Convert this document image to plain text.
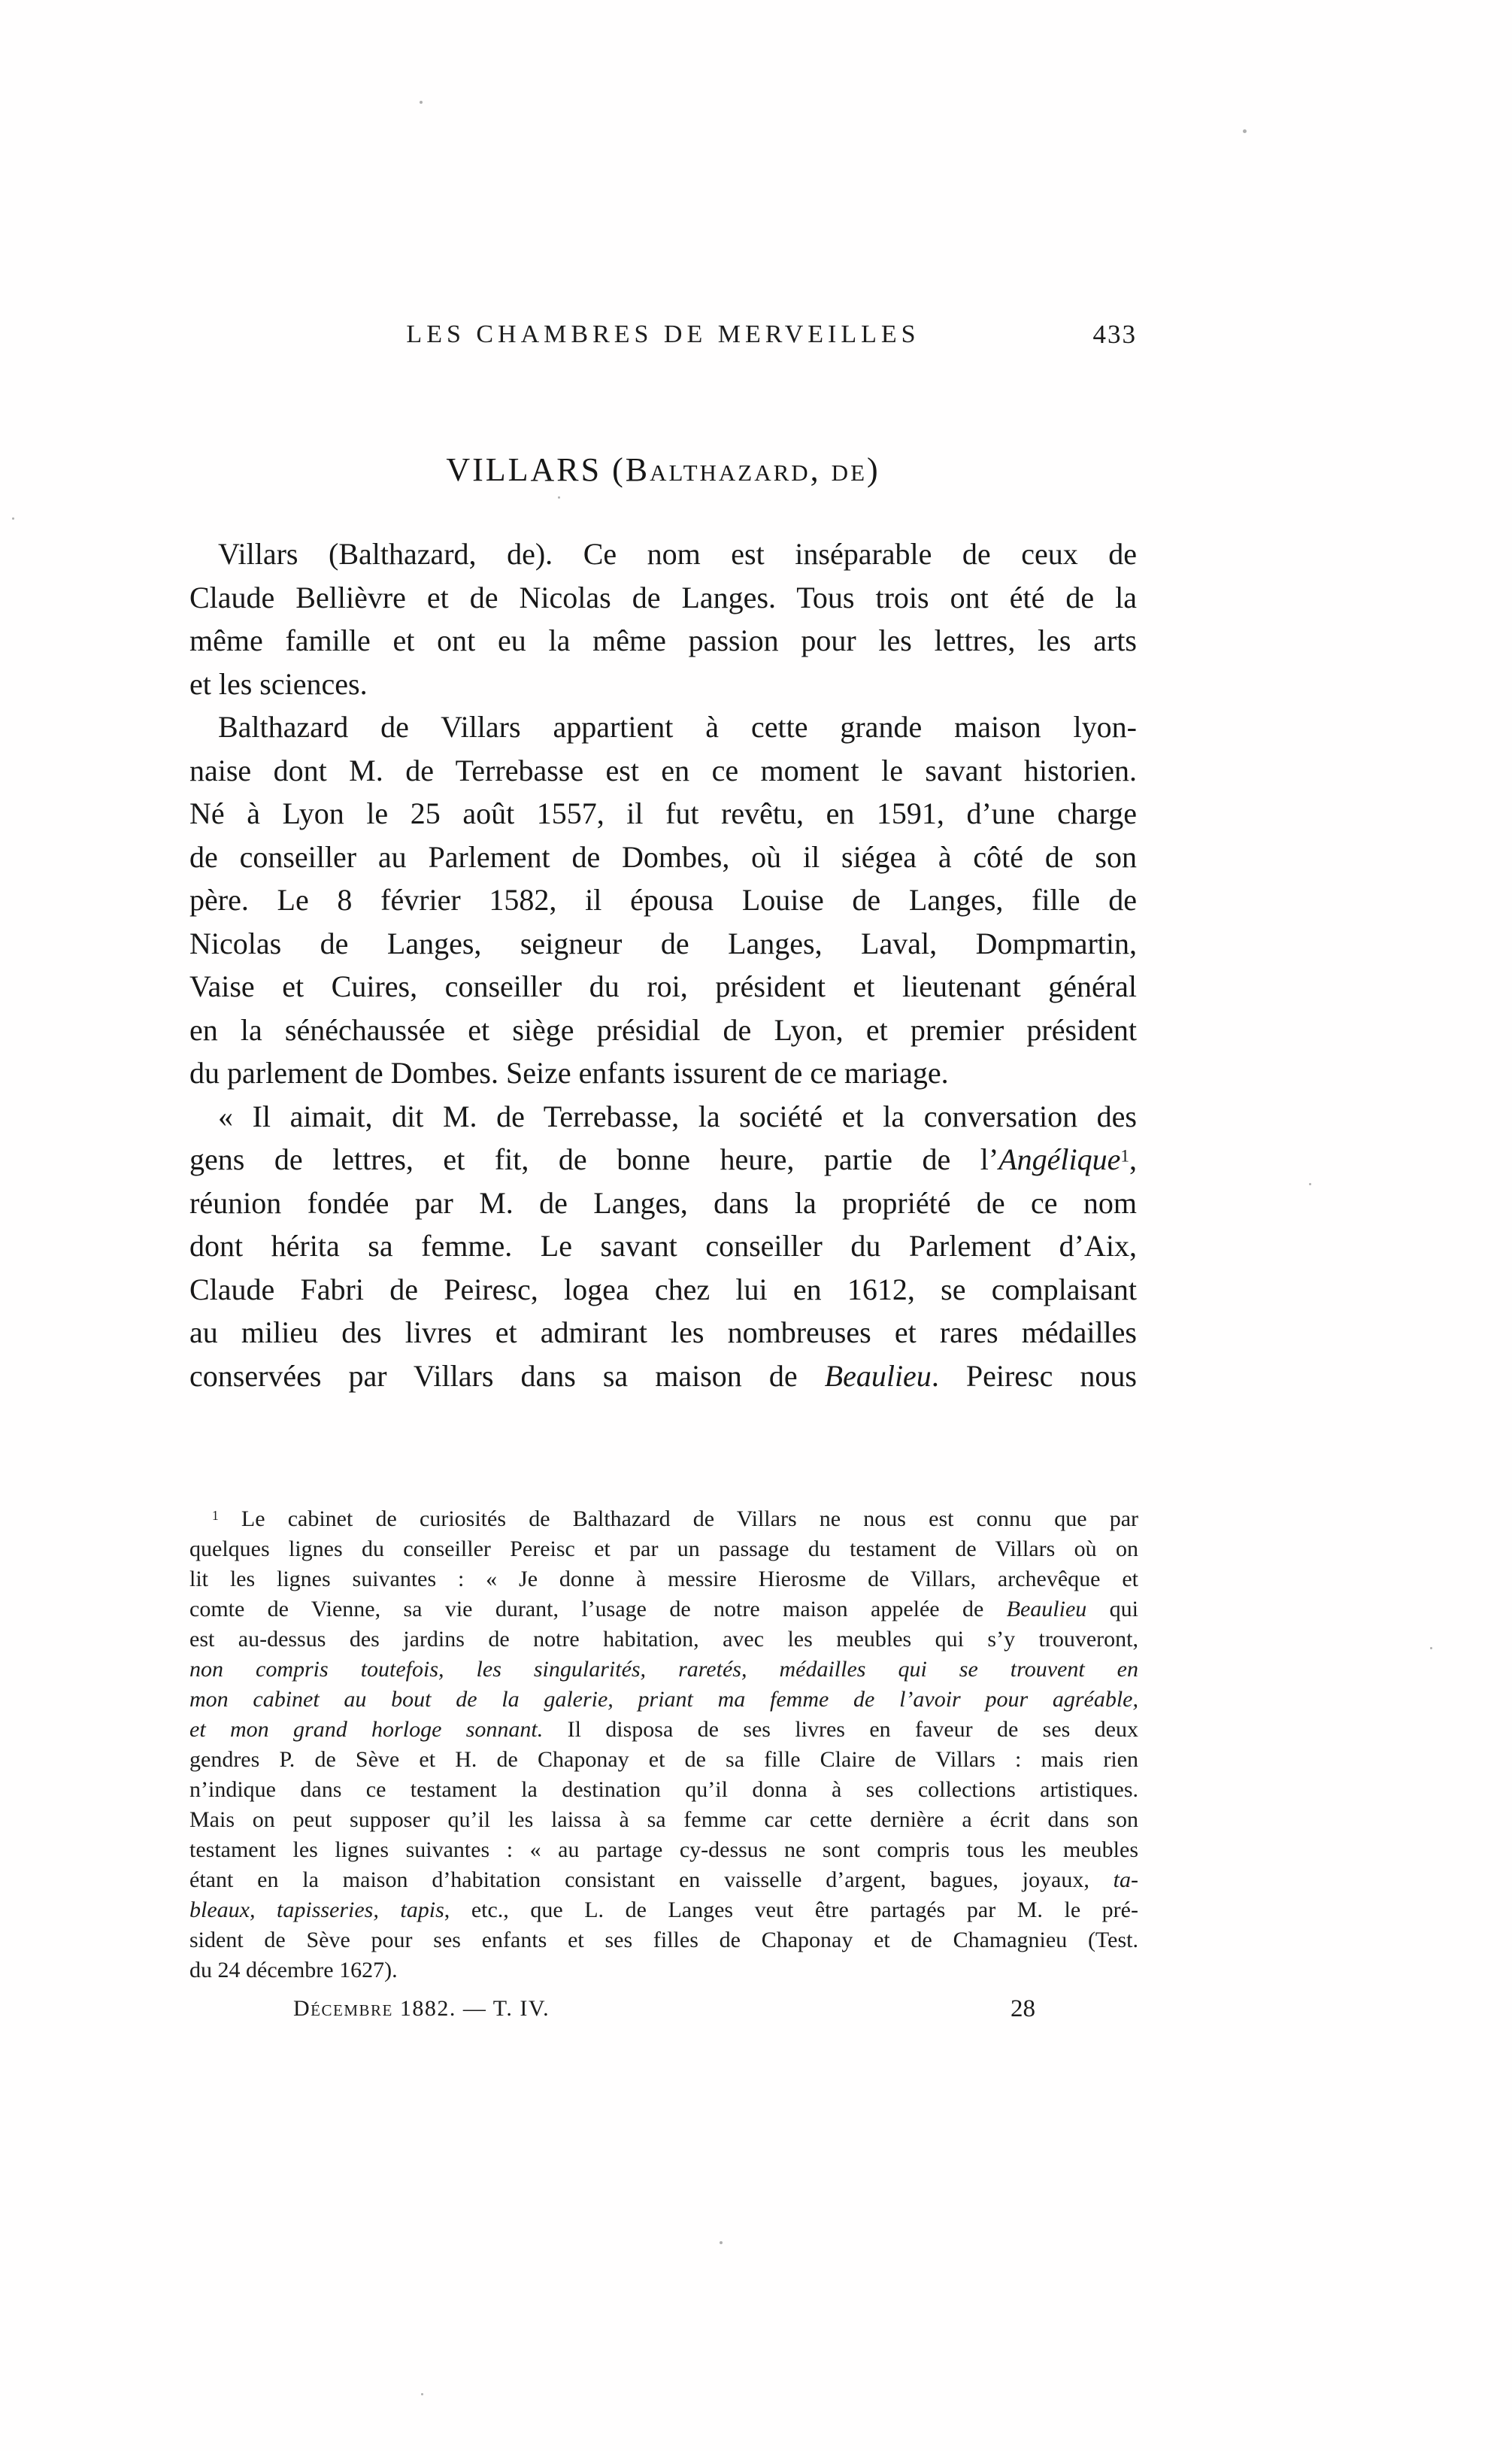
LES CHAMBRES DE MERVEILLES	433
VILLARS (Balthazard, de)
Villars (Balthazard, de). Ce nom est inséparable de ceux de
Claude Bellièvre et de Nicolas de Langes. Tous trois ont été de la
même famille et ont eu la même passion pour les lettres, les arts
et les sciences.
Balthazard de Villars appartient à cette grande maison lyon-
naise dont M. de Terrebasse est en ce moment le savant historien.
Né à Lyon le 25 août 1557, il fut revêtu, en 1591, d’une charge
de conseiller au Parlement de Dombes, où il siégea à côté de son
père. Le 8 février 1582, il épousa Louise de Langes, fille de
Nicolas de Langes, seigneur de Langes, Laval, Dompmartin,
Vaise et Cuires, conseiller du roi, président et lieutenant général
en la sénéchaussée et siège présidial de Lyon, et premier président
du parlement de Dombes. Seize enfants issurent de ce mariage.
« Il aimait, dit M. de Terrebasse, la société et la conversation des
gens de lettres, et fit, de bonne heure, partie de l’Angélique$^1$,
réunion fondée par M. de Langes, dans la propriété de ce nom
dont hérita sa femme. Le savant conseiller du Parlement d’Aix,
Claude Fabri de Peiresc, logea chez lui en 1612, se complaisant
au milieu des livres et admirant les nombreuses et rares médailles
conservées par Villars dans sa maison de Beaulieu. Peiresc nous
$^1$ Le cabinet de curiosités de Balthazard de Villars ne nous est connu que par
quelques lignes du conseiller Pereisc et par un passage du testament de Villars où on
lit les lignes suivantes : « Je donne à messire Hierosme de Villars, archevêque et
comte de Vienne, sa vie durant, l’usage de notre maison appelée de Beaulieu qui
est au-dessus des jardins de notre habitation, avec les meubles qui s’y trouveront,
non compris toutefois, les singularités, raretés, médailles qui se trouvent en
mon cabinet au bout de la galerie, priant ma femme de l’avoir pour agréable,
et mon grand horloge sonnant. Il disposa de ses livres en faveur de ses deux
gendres P. de Sève et H. de Chaponay et de sa fille Claire de Villars : mais rien
n’indique dans ce testament la destination qu’il donna à ses collections artistiques.
Mais on peut supposer qu’il les laissa à sa femme car cette dernière a écrit dans son
testament les lignes suivantes : « au partage cy-dessus ne sont compris tous les meubles
étant en la maison d’habitation consistant en vaisselle d’argent, bagues, joyaux, ta-
bleaux, tapisseries, tapis, etc., que L. de Langes veut être partagés par M. le pré-
sident de Sève pour ses enfants et ses filles de Chaponay et de Chamagnieu (Test.
du 24 décembre 1627).
Décembre 1882. — T. IV.	28
